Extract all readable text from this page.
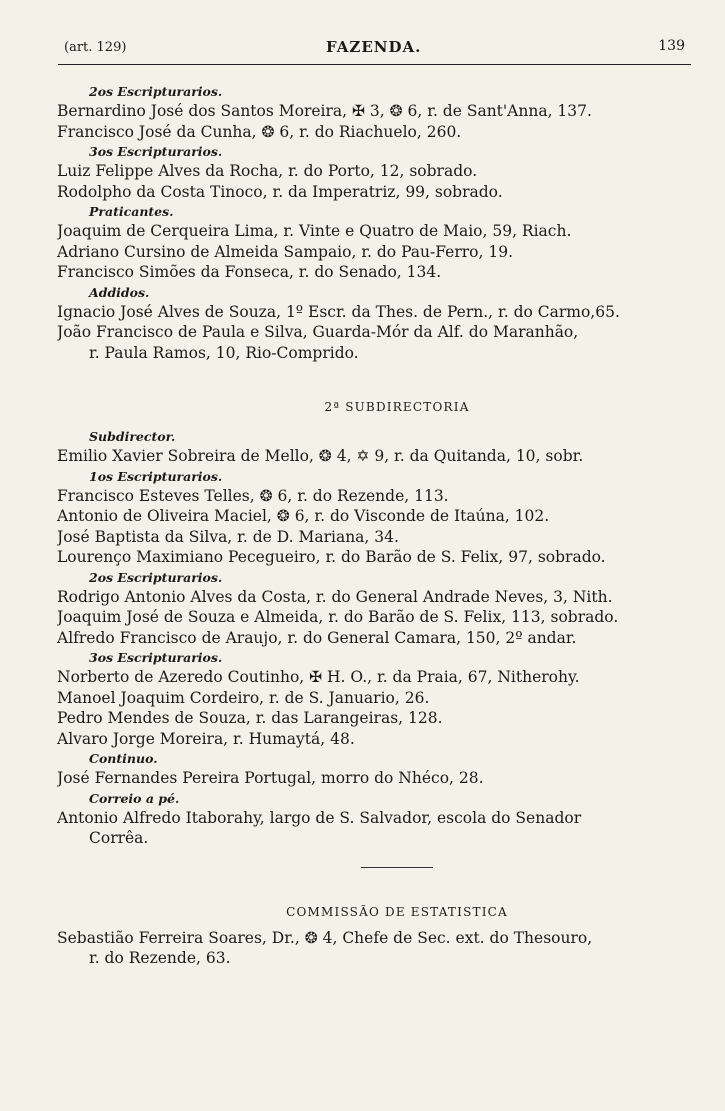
(art. 129)	FAZENDA.	139
2os Escripturarios.
Bernardino José dos Santos Moreira, ✠ 3, ❂ 6, r. de Sant'Anna, 137.
Francisco José da Cunha, ❂ 6, r. do Riachuelo, 260.
3os Escripturarios.
Luiz Felippe Alves da Rocha, r. do Porto, 12, sobrado.
Rodolpho da Costa Tinoco, r. da Imperatriz, 99, sobrado.
Praticantes.
Joaquim de Cerqueira Lima, r. Vinte e Quatro de Maio, 59, Riach.
Adriano Cursino de Almeida Sampaio, r. do Pau-Ferro, 19.
Francisco Simões da Fonseca, r. do Senado, 134.
Addidos.
Ignacio José Alves de Souza, 1º Escr. da Thes. de Pern., r. do Carmo,65.
João Francisco de Paula e Silva, Guarda-Mór da Alf. do Maranhão,
r. Paula Ramos, 10, Rio-Comprido.
2ª SUBDIRECTORIA
Subdirector.
Emilio Xavier Sobreira de Mello, ❂ 4, ✡ 9, r. da Quitanda, 10, sobr.
1os Escripturarios.
Francisco Esteves Telles, ❂ 6, r. do Rezende, 113.
Antonio de Oliveira Maciel, ❂ 6, r. do Visconde de Itaúna, 102.
José Baptista da Silva, r. de D. Mariana, 34.
Lourenço Maximiano Pecegueiro, r. do Barão de S. Felix, 97, sobrado.
2os Escripturarios.
Rodrigo Antonio Alves da Costa, r. do General Andrade Neves, 3, Nith.
Joaquim José de Souza e Almeida, r. do Barão de S. Felix, 113, sobrado.
Alfredo Francisco de Araujo, r. do General Camara, 150, 2º andar.
3os Escripturarios.
Norberto de Azeredo Coutinho, ✠ H. O., r. da Praia, 67, Nitherohy.
Manoel Joaquim Cordeiro, r. de S. Januario, 26.
Pedro Mendes de Souza, r. das Larangeiras, 128.
Alvaro Jorge Moreira, r. Humaytá, 48.
Continuo.
José Fernandes Pereira Portugal, morro do Nhéco, 28.
Correio a pé.
Antonio Alfredo Itaborahy, largo de S. Salvador, escola do Senador
Corrêa.
COMMISSÃO DE ESTATISTICA
Sebastião Ferreira Soares, Dr., ❂ 4, Chefe de Sec. ext. do Thesouro,
r. do Rezende, 63.
